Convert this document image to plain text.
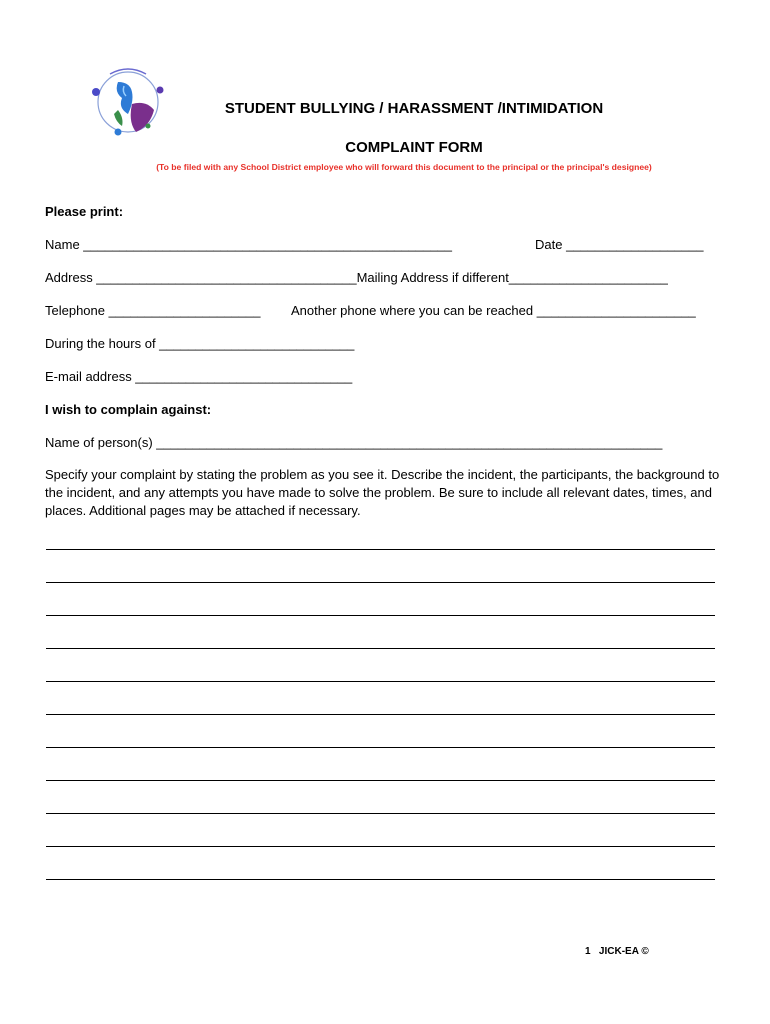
STUDENT BULLYING / HARASSMENT /INTIMIDATION
COMPLAINT FORM
(To be filed with any School District employee who will forward this document to the principal or the principal's designee)
Please print:
Name ___________________________________________________	Date ___________________
Address ____________________________________Mailing Address if different______________________
Telephone _____________________ Another phone where you can be reached ______________________
During the hours of ___________________________
E-mail address ______________________________
I wish to complain against:
Name of person(s) ______________________________________________________________________
Specify your complaint by stating the problem as you see it. Describe the incident, the participants, the background to the incident, and any attempts you have made to solve the problem. Be sure to include all relevant dates, times, and places. Additional pages may be attached if necessary.
1 JICK-EA ©
